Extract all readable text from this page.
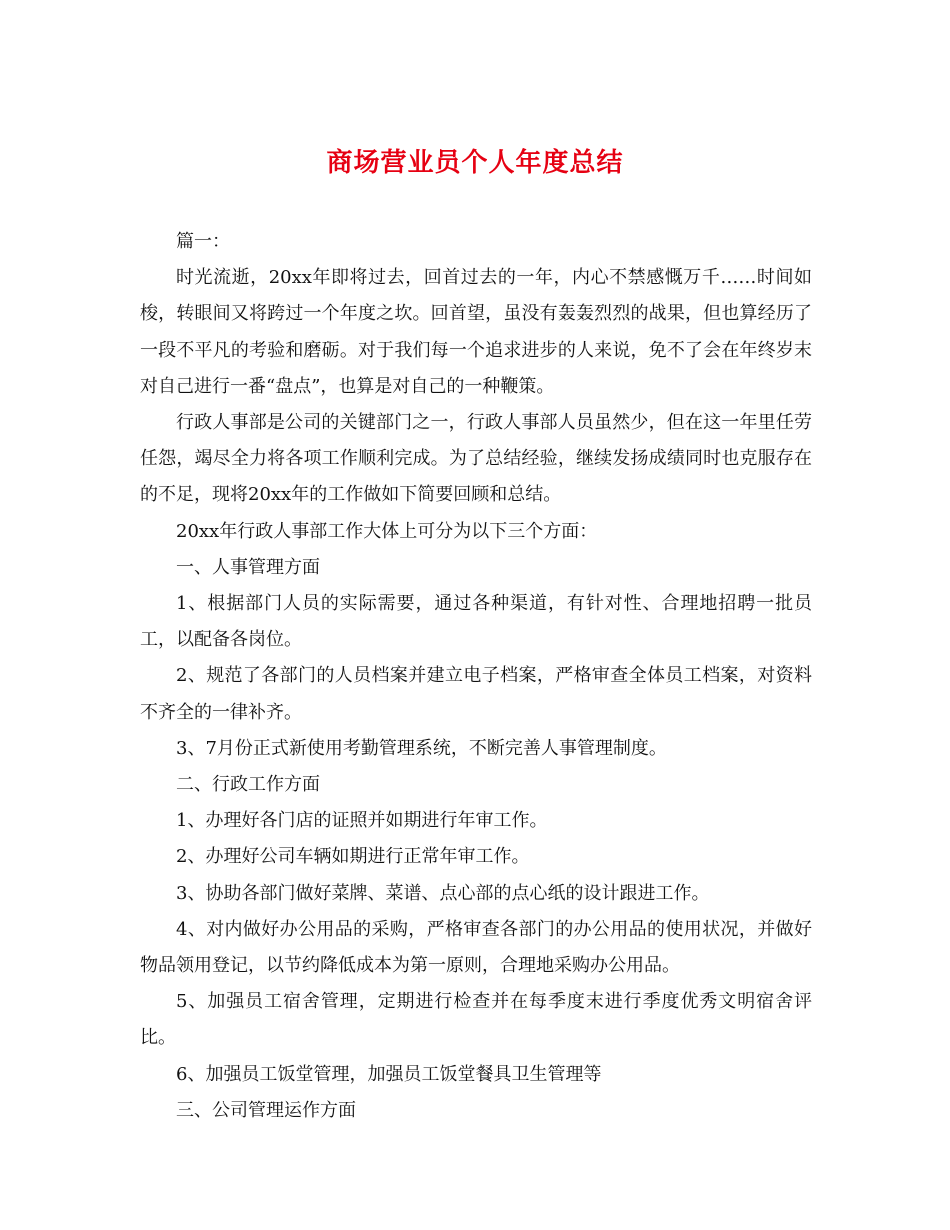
商场营业员个人年度总结

篇一：

时光流逝，20xx年即将过去，回首过去的一年，内心不禁感慨万千……时间如梭，转眼间又将跨过一个年度之坎。回首望，虽没有轰轰烈烈的战果，但也算经历了一段不平凡的考验和磨砺。对于我们每一个追求进步的人来说，免不了会在年终岁末对自己进行一番“盘点”，也算是对自己的一种鞭策。

行政人事部是公司的关键部门之一，行政人事部人员虽然少，但在这一年里任劳任怨，竭尽全力将各项工作顺利完成。为了总结经验，继续发扬成绩同时也克服存在的不足，现将20xx年的工作做如下简要回顾和总结。

20xx年行政人事部工作大体上可分为以下三个方面：

一、人事管理方面

1、根据部门人员的实际需要，通过各种渠道，有针对性、合理地招聘一批员工，以配备各岗位。

2、规范了各部门的人员档案并建立电子档案，严格审查全体员工档案，对资料不齐全的一律补齐。

3、7月份正式新使用考勤管理系统，不断完善人事管理制度。

二、行政工作方面

1、办理好各门店的证照并如期进行年审工作。

2、办理好公司车辆如期进行正常年审工作。

3、协助各部门做好菜牌、菜谱、点心部的点心纸的设计跟进工作。

4、对内做好办公用品的采购，严格审查各部门的办公用品的使用状况，并做好物品领用登记，以节约降低成本为第一原则，合理地采购办公用品。

5、加强员工宿舍管理，定期进行检查并在每季度末进行季度优秀文明宿舍评比。

6、加强员工饭堂管理，加强员工饭堂餐具卫生管理等

三、公司管理运作方面
